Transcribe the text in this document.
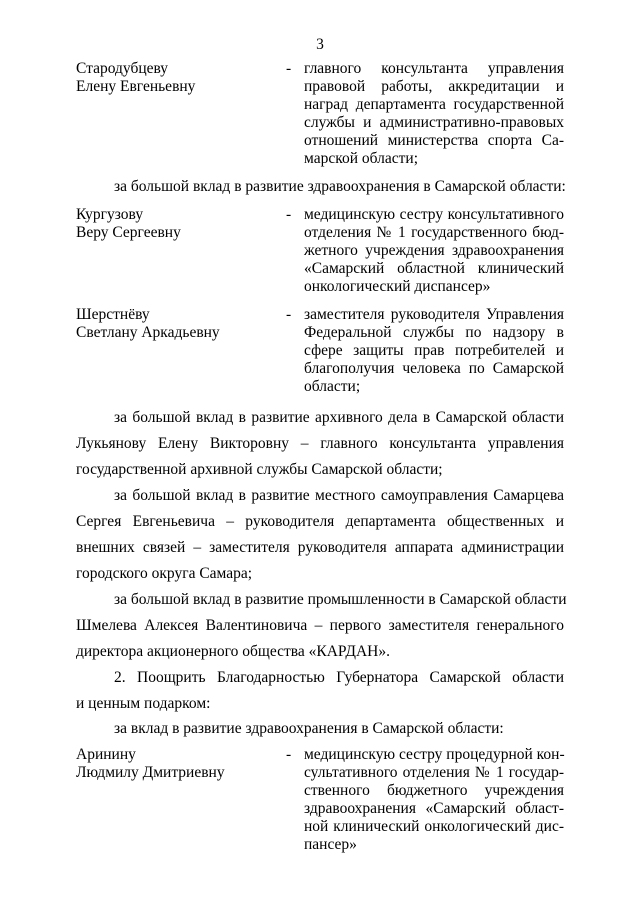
3
Стародубцеву
Елену Евгеньевну
- главного консультанта управления
правовой работы, аккредитации и
наград департамента государственной
службы и административно-правовых
отношений министерства спорта Са-
марской области;
за большой вклад в развитие здравоохранения в Самарской области:
Кургузову
Веру Сергеевну
- медицинскую сестру консультативного
отделения № 1 государственного бюд-
жетного учреждения здравоохранения
«Самарский областной клинический
онкологический диспансер»
Шерстнёву
Светлану Аркадьевну
- заместителя руководителя Управления
Федеральной службы по надзору в
сфере защиты прав потребителей и
благополучия человека по Самарской
области;
за большой вклад в развитие архивного дела в Самарской области
Лукьянову Елену Викторовну – главного консультанта управления
государственной архивной службы Самарской области;
за большой вклад в развитие местного самоуправления Самарцева
Сергея Евгеньевича – руководителя департамента общественных и
внешних связей – заместителя руководителя аппарата администрации
городского округа Самара;
за большой вклад в развитие промышленности в Самарской области
Шмелева Алексея Валентиновича – первого заместителя генерального
директора акционерного общества «КАРДАН».
2. Поощрить Благодарностью Губернатора Самарской области
и ценным подарком:
за вклад в развитие здравоохранения в Самарской области:
Аринину
Людмилу Дмитриевну
- медицинскую сестру процедурной кон-
сультативного отделения № 1 государ-
ственного бюджетного учреждения
здравоохранения «Самарский област-
ной клинический онкологический дис-
пансер»
